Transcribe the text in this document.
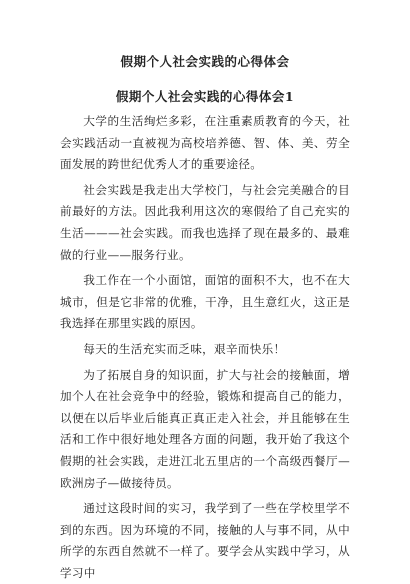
假期个人社会实践的心得体会
假期个人社会实践的心得体会1

大学的生活绚烂多彩，在注重素质教育的今天，社会实践活动一直被视为高校培养德、智、体、美、劳全面发展的跨世纪优秀人才的重要途径。

社会实践是我走出大学校门，与社会完美融合的目前最好的方法。因此我利用这次的寒假给了自己充实的生活———社会实践。而我也选择了现在最多的、最难做的行业——服务行业。

我工作在一个小面馆，面馆的面积不大，也不在大城市，但是它非常的优雅，干净，且生意红火，这正是我选择在那里实践的原因。

每天的生活充实而乏味，艰辛而快乐！

为了拓展自身的知识面，扩大与社会的接触面，增加个人在社会竞争中的经验，锻炼和提高自己的能力，以便在以后毕业后能真正真正走入社会，并且能够在生活和工作中很好地处理各方面的问题，我开始了我这个假期的社会实践，走进江北五里店的一个高级西餐厅—欧洲房子—做接待员。

通过这段时间的实习，我学到了一些在学校里学不到的东西。因为环境的不同，接触的人与事不同，从中所学的东西自然就不一样了。要学会从实践中学习，从学习中
